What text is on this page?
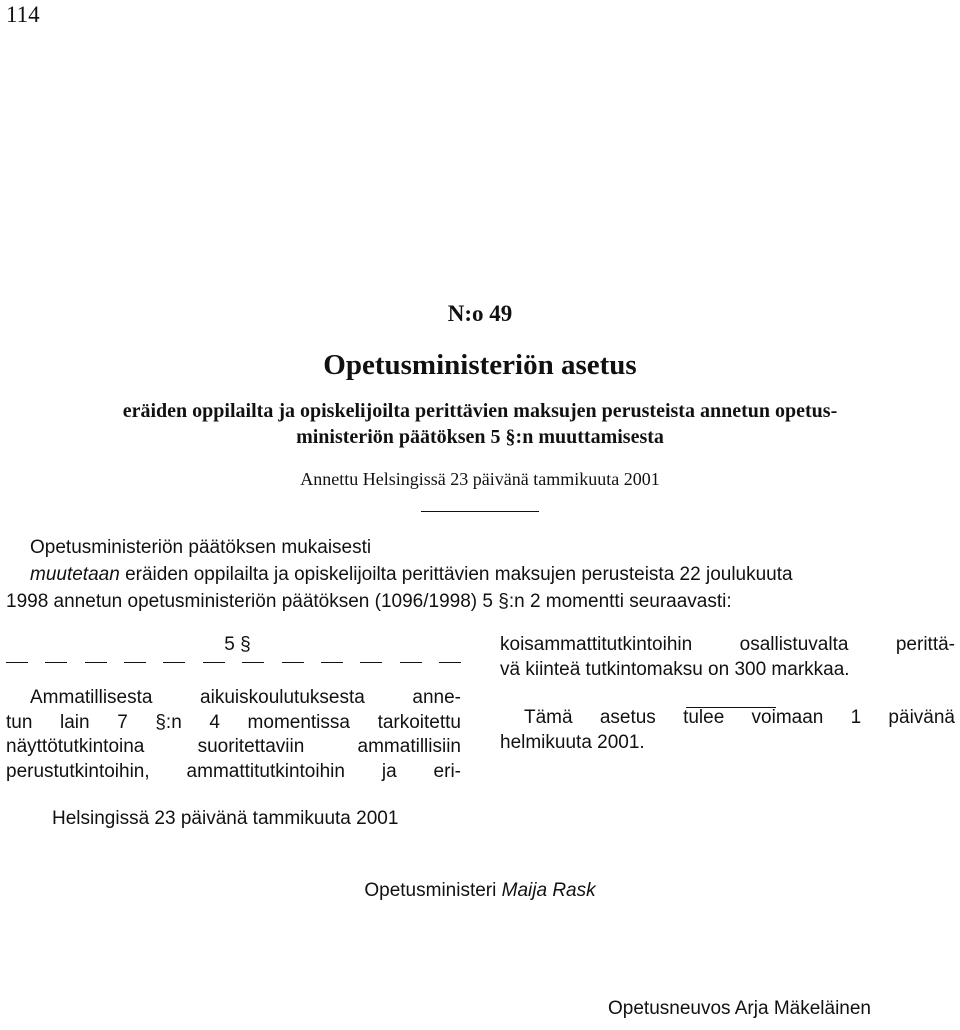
114
N:o 49
Opetusministeriön asetus
eräiden oppilailta ja opiskelijoilta perittävien maksujen perusteista annetun opetus-
ministeriön päätöksen 5 §:n muuttamisesta
Annettu Helsingissä 23 päivänä tammikuuta 2001
Opetusministeriön päätöksen mukaisesti
muutetaan eräiden oppilailta ja opiskelijoilta perittävien maksujen perusteista 22 joulukuuta
1998 annetun opetusministeriön päätöksen (1096/1998) 5 §:n 2 momentti seuraavasti:
5 §
Ammatillisesta aikuiskoulutuksesta anne-
tun lain 7 §:n 4 momentissa tarkoitettu
näyttötutkintoina suoritettaviin ammatillisiin
perustutkintoihin, ammattitutkintoihin ja eri-
koisammattitutkintoihin osallistuvalta perittä-
vä kiinteä tutkintomaksu on 300 markkaa.
Tämä asetus tulee voimaan 1 päivänä
helmikuuta 2001.
Helsingissä 23 päivänä tammikuuta 2001
Opetusministeri Maija Rask
Opetusneuvos Arja Mäkeläinen
